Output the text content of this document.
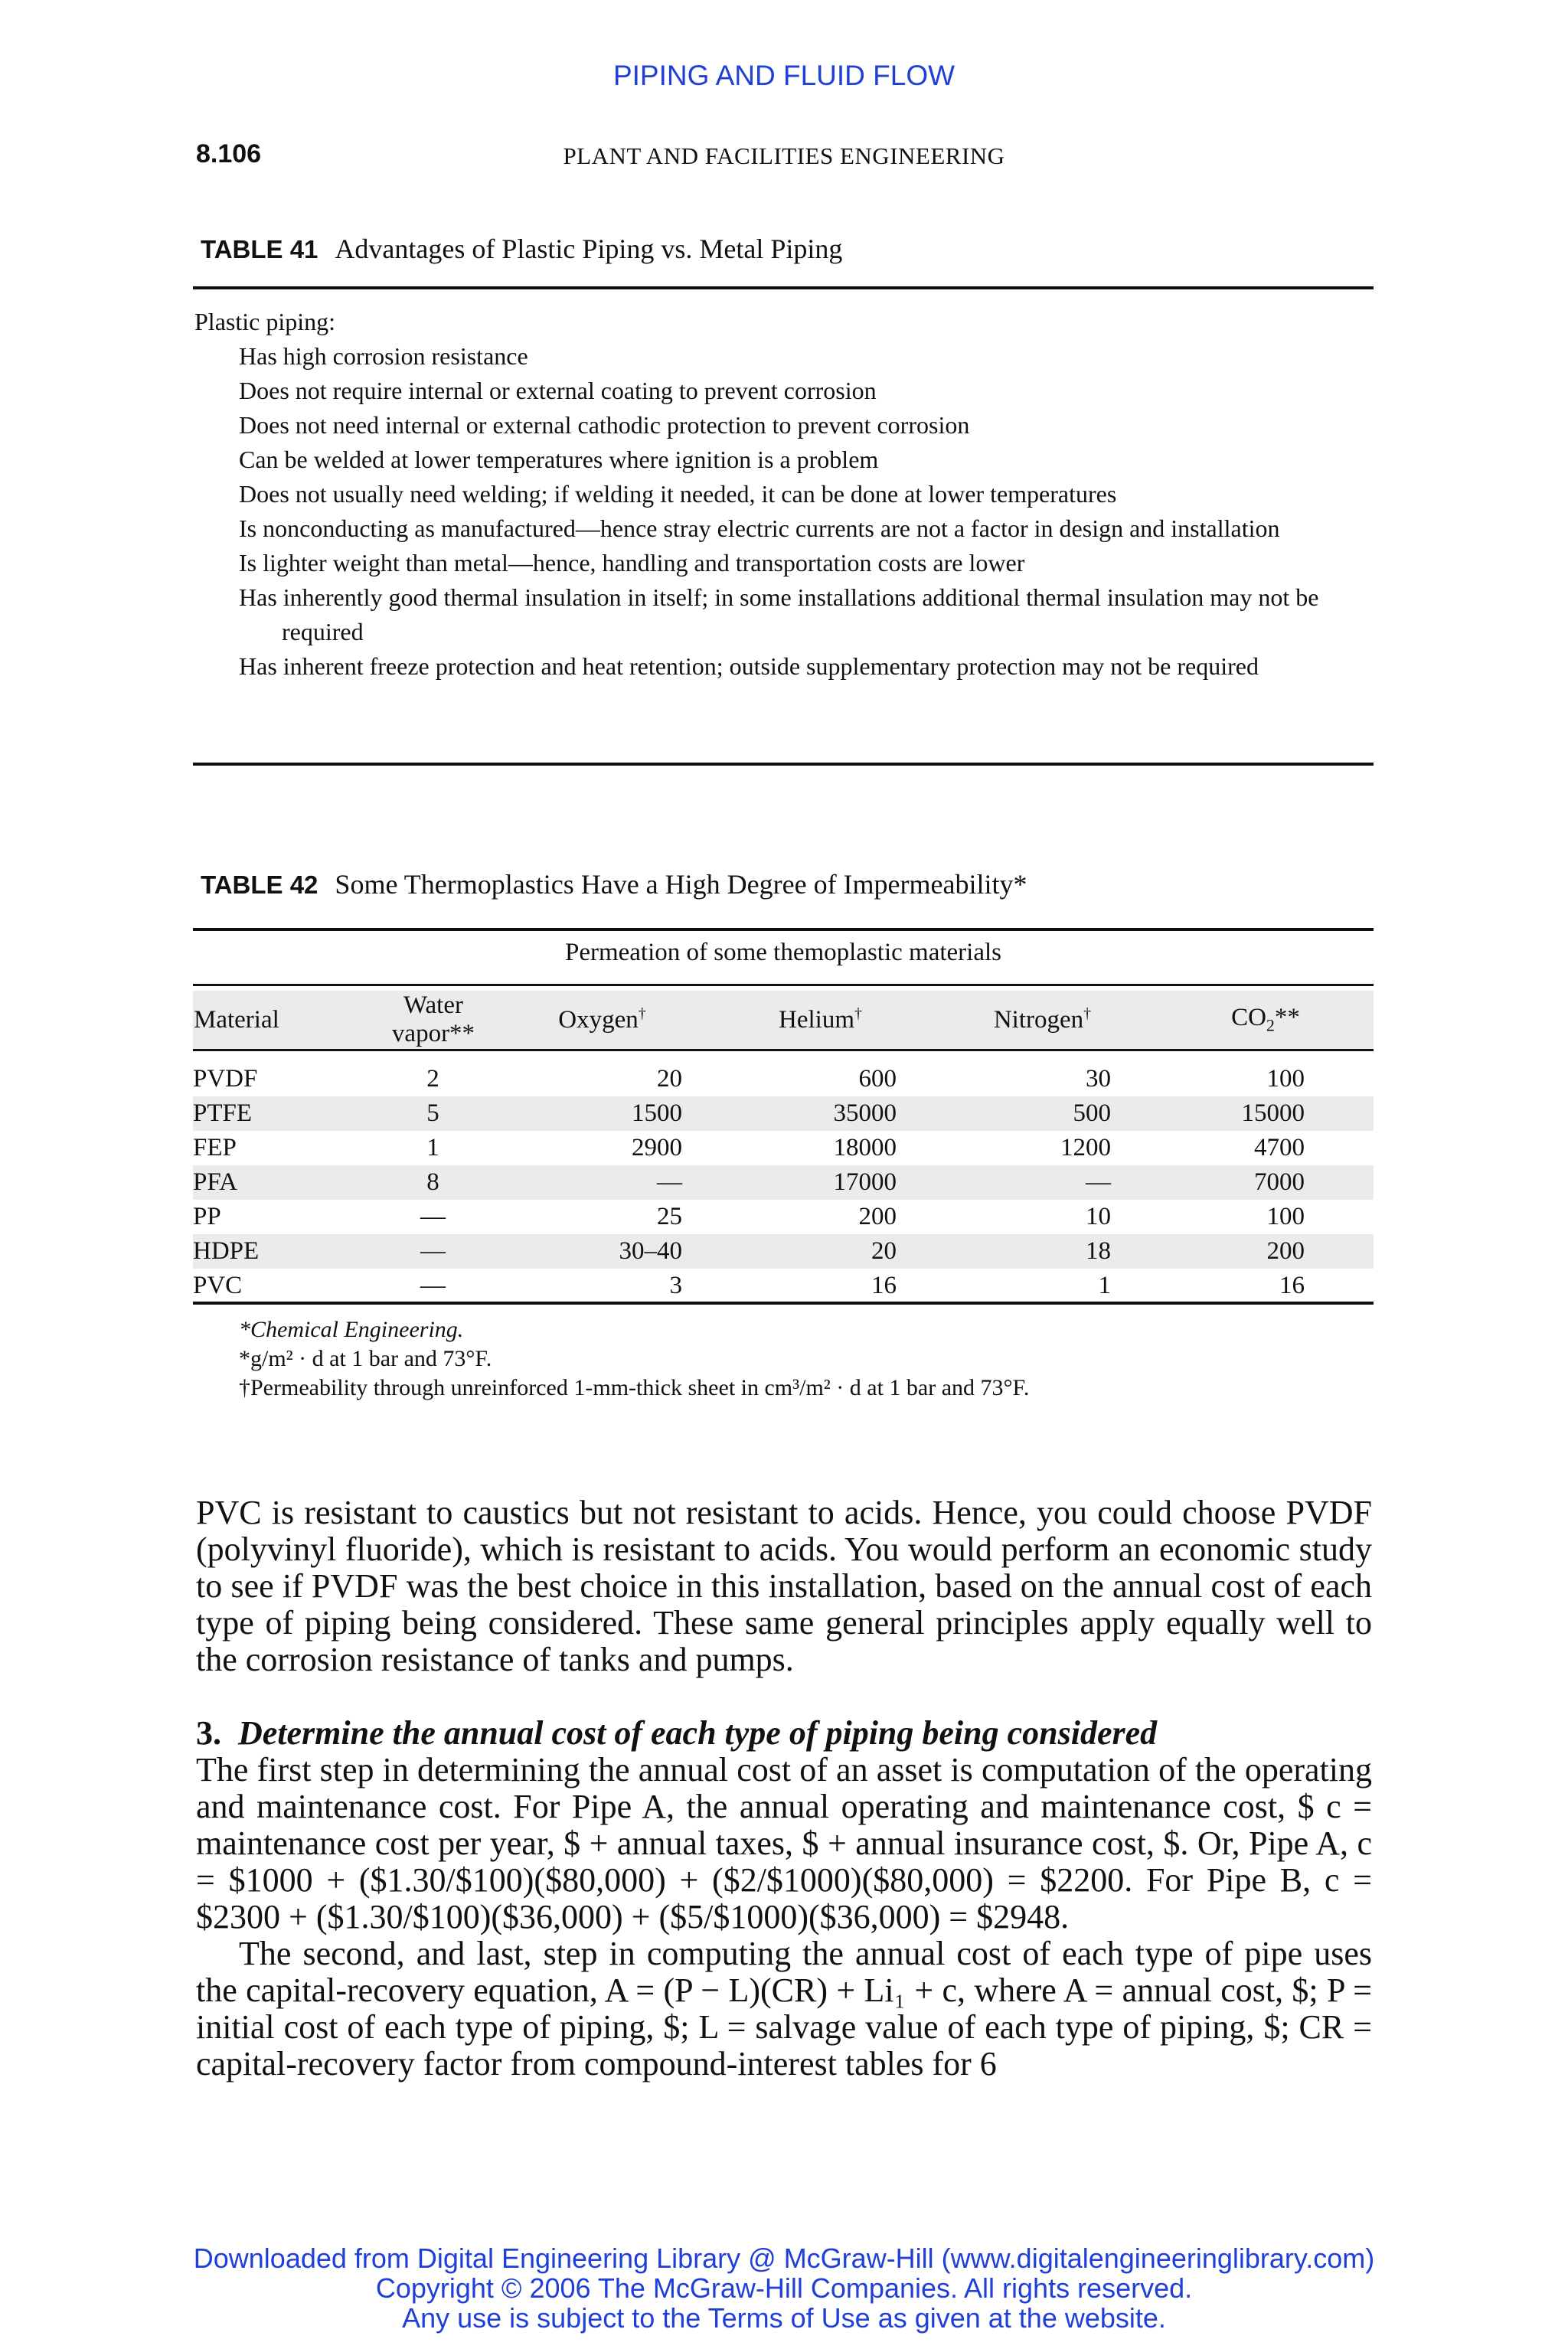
PIPING AND FLUID FLOW
8.106	PLANT AND FACILITIES ENGINEERING
TABLE 41 Advantages of Plastic Piping vs. Metal Piping

Plastic piping:

Has high corrosion resistance
Does not require internal or external coating to prevent corrosion
Does not need internal or external cathodic protection to prevent corrosion
Can be welded at lower temperatures where ignition is a problem
Does not usually need welding; if welding it needed, it can be done at lower temperatures
Is nonconducting as manufactured—hence stray electric currents are not a factor in design and installation
Is lighter weight than metal—hence, handling and transportation costs are lower
Has inherently good thermal insulation in itself; in some installations additional thermal insulation may not be required
Has inherent freeze protection and heat retention; outside supplementary protection may not be required
TABLE 42 Some Thermoplastics Have a High Degree of Impermeability*
Permeation of some themoplastic materials
Material	Water vapor**	Oxygen†	Helium†	Nitrogen†	$CO_2**$
PVDF	2	20	600	30	100
PTFE	5	1500	35000	500	15000
FEP	1	2900	18000	1200	4700
PFA	8	—	17000	—	7000
PP	—	25	200	10	100
HDPE	—	30–40	20	18	200
PVC	—	3	16	1	16

*Chemical Engineering.

*g/m² · d at 1 bar and 73°F.

†Permeability through unreinforced 1-mm-thick sheet in cm³/m² · d at 1 bar and 73°F.

PVC is resistant to caustics but not resistant to acids. Hence, you could choose PVDF (polyvinyl fluoride), which is resistant to acids. You would perform an economic study to see if PVDF was the best choice in this installation, based on the annual cost of each type of piping being considered. These same general principles apply equally well to the corrosion resistance of tanks and pumps.

3. Determine the annual cost of each type of piping being considered

The first step in determining the annual cost of an asset is computation of the operating and maintenance cost. For Pipe A, the annual operating and maintenance cost, $ c = maintenance cost per year, $ + annual taxes, $ + annual insurance cost, $. Or, Pipe A, c = $1000 + ($1.30/$100)($80,000) + ($2/$1000)($80,000) = $2200. For Pipe B, c = $2300 + ($1.30/$100)($36,000) + ($5/$1000)($36,000) = $2948.

The second, and last, step in computing the annual cost of each type of pipe uses the capital-recovery equation, A = (P − L)(CR) + Li₁ + c, where A = annual cost, $; P = initial cost of each type of piping, $; L = salvage value of each type of piping, $; CR = capital-recovery factor from compound-interest tables for 6

Downloaded from Digital Engineering Library @ McGraw-Hill (www.digitalengineeringlibrary.com)
Copyright © 2006 The McGraw-Hill Companies. All rights reserved.
Any use is subject to the Terms of Use as given at the website.
